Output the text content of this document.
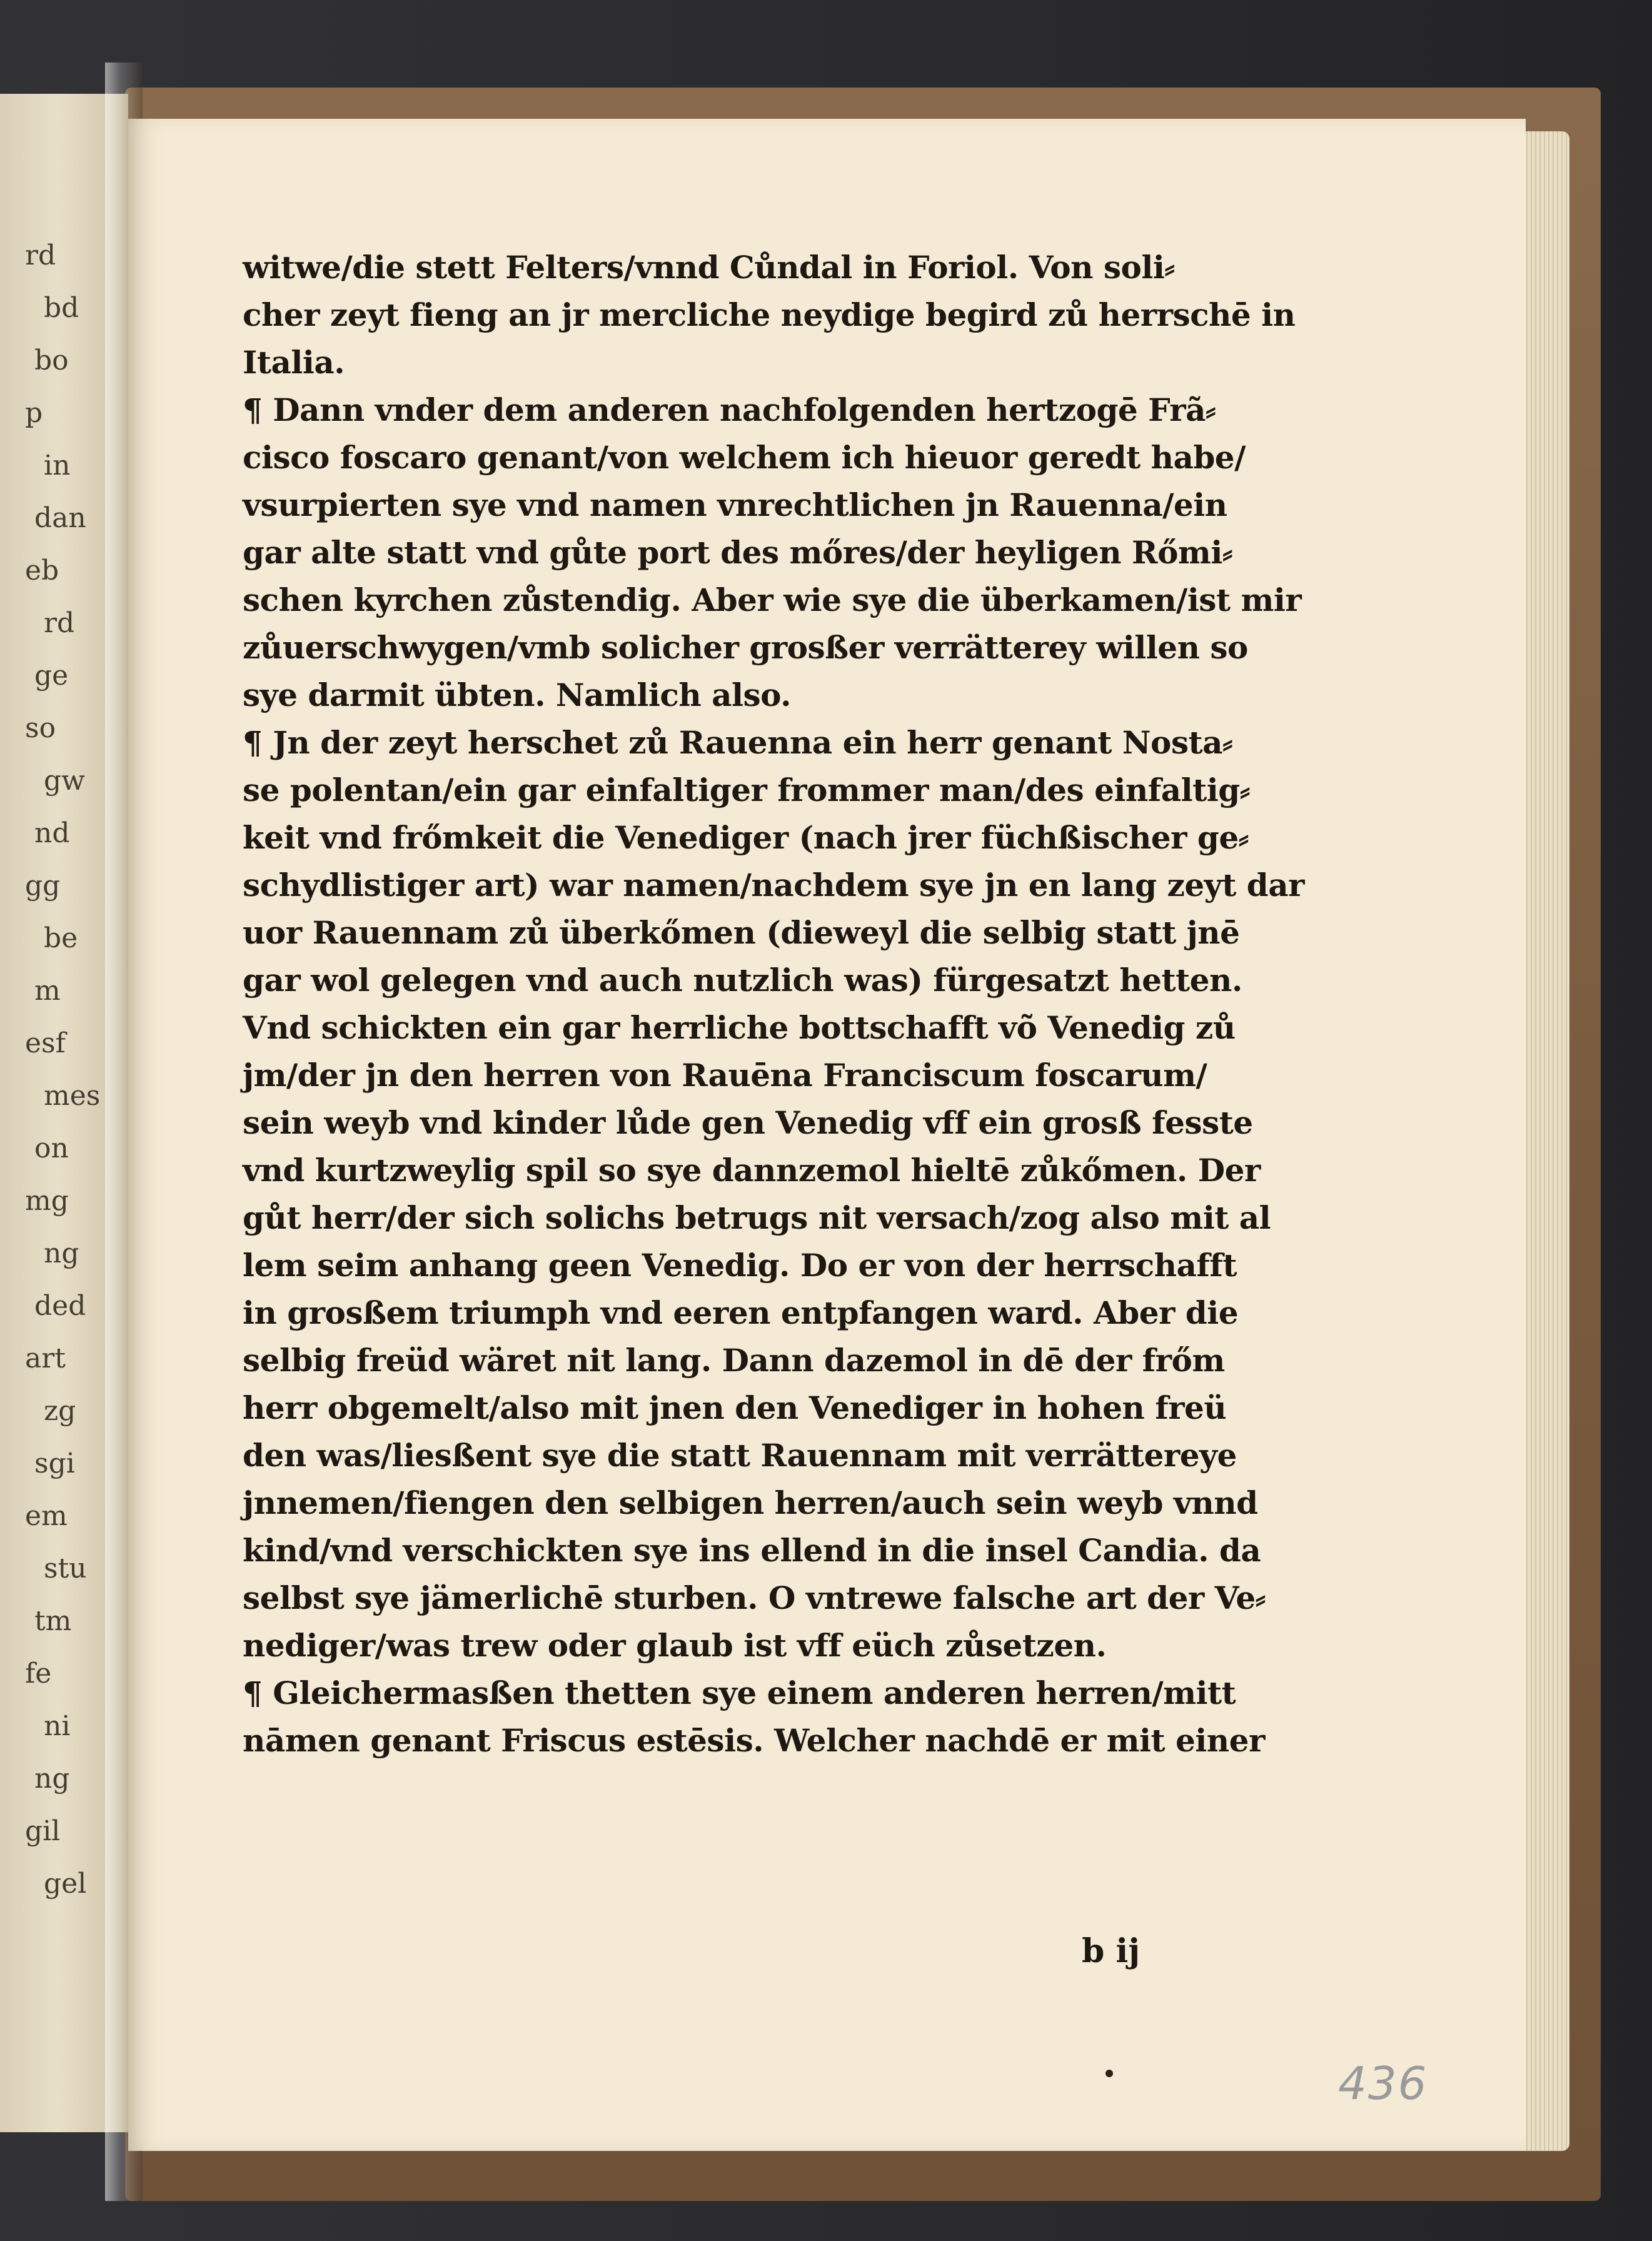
rd
bd
bo
p
in
dan
eb
rd
ge
so
gw
nd
gg
be
m
esf
mes
on
mg
ng
ded
art
zg
sgi
em
stu
tm
fe
ni
ng
gil
gel
witwe/die stett Felters/vnnd Cůndal in Foriol. Von soli⸗
cher zeyt fieng an jr mercliche neydige begird zů herrschē in
Italia.
¶ Dann vnder dem anderen nachfolgenden hertzogē Frã⸗
cisco foscaro genant/von welchem ich hieuor geredt habe/
vsurpierten sye vnd namen vnrechtlichen jn Rauenna/ein
gar alte statt vnd gůte port des mőres/der heyligen Rőmi⸗
schen kyrchen zůstendig. Aber wie sye die überkamen/ist mir
zůuerschwygen/vmb solicher grosßer verrätterey willen so
sye darmit übten. Namlich also.
¶ Jn der zeyt herschet zů Rauenna ein herr genant Nosta⸗
se polentan/ein gar einfaltiger frommer man/des einfaltig⸗
keit vnd frőmkeit die Venediger (nach jrer füchßischer ge⸗
schydlistiger art) war namen/nachdem sye jn en lang zeyt dar
uor Rauennam zů überkőmen (dieweyl die selbig statt jnē
gar wol gelegen vnd auch nutzlich was) fürgesatzt hetten.
Vnd schickten ein gar herrliche bottschafft võ Venedig zů
jm/der jn den herren von Rauēna Franciscum foscarum/
sein weyb vnd kinder lůde gen Venedig vff ein grosß fesste
vnd kurtzweylig spil so sye dannzemol hieltē zůkőmen. Der
gůt herr/der sich solichs betrugs nit versach/zog also mit al
lem seim anhang geen Venedig. Do er von der herrschafft
in grosßem triumph vnd eeren entpfangen ward. Aber die
selbig freüd wäret nit lang. Dann dazemol in dē der frőm
herr obgemelt/also mit jnen den Venediger in hohen freü
den was/liesßent sye die statt Rauennam mit verrättereye
jnnemen/fiengen den selbigen herren/auch sein weyb vnnd
kind/vnd verschickten sye ins ellend in die insel Candia. da
selbst sye jämerlichē sturben. O vntrewe falsche art der Ve⸗
nediger/was trew oder glaub ist vff eüch zůsetzen.
¶ Gleichermasßen thetten sye einem anderen herren/mitt
nāmen genant Friscus estēsis. Welcher nachdē er mit einer
b ij
436
